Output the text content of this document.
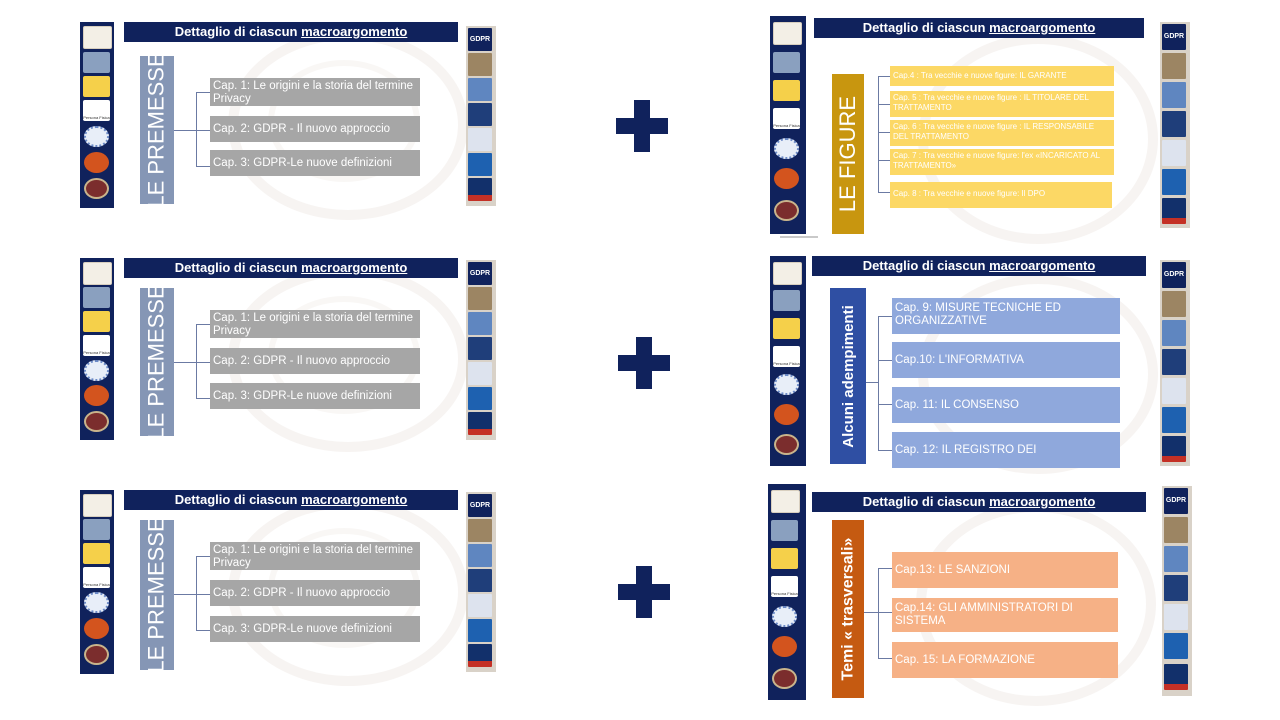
Persona Fisica
Dettaglio di ciascun macroargomento
GDPR
LE PREMESSE	Cap. 1: Le origini e la storia del termine Privacy
Cap. 2: GDPR - Il nuovo approccio
Cap. 3: GDPR-Le nuove definizioni
Persona Fisica
Dettaglio di ciascun macroargomento	GDPR
LE PREMESSE	Cap. 1: Le origini e la storia del termine Privacy
Cap. 2: GDPR - Il nuovo approccio
Cap. 3: GDPR-Le nuove definizioni
Persona Fisica
Dettaglio di ciascun macroargomento	GDPR
LE PREMESSE	Cap. 1: Le origini e la storia del termine Privacy
Cap. 2: GDPR - Il nuovo approccio
Cap. 3: GDPR-Le nuove definizioni
Persona Fisica
Dettaglio di ciascun macroargomento
GDPR
LE FIGURE
Cap.4 : Tra vecchie e nuove figure: IL GARANTE
Cap. 5 : Tra vecchie e nuove figure : IL TITOLARE DEL TRATTAMENTO
Cap. 6 : Tra vecchie e nuove figure : IL RESPONSABILE DEL TRATTAMENTO
Cap. 7 : Tra vecchie e nuove figure: l'ex «INCARICATO AL TRATTAMENTO»
Cap. 8 : Tra vecchie e nuove figure: Il DPO
Persona Fisica
Dettaglio di ciascun macroargomento
GDPR
Alcuni adempimenti	Cap. 9: MISURE TECNICHE ED ORGANIZZATIVE
Cap.10: L'INFORMATIVA
Cap. 11: IL CONSENSO
Cap. 12: IL REGISTRO DEI
Persona Fisica
Dettaglio di ciascun macroargomento	GDPR
Temi « trasversali»	Cap.13: LE SANZIONI
Cap.14: GLI AMMINISTRATORI DI SISTEMA
Cap. 15: LA FORMAZIONE
